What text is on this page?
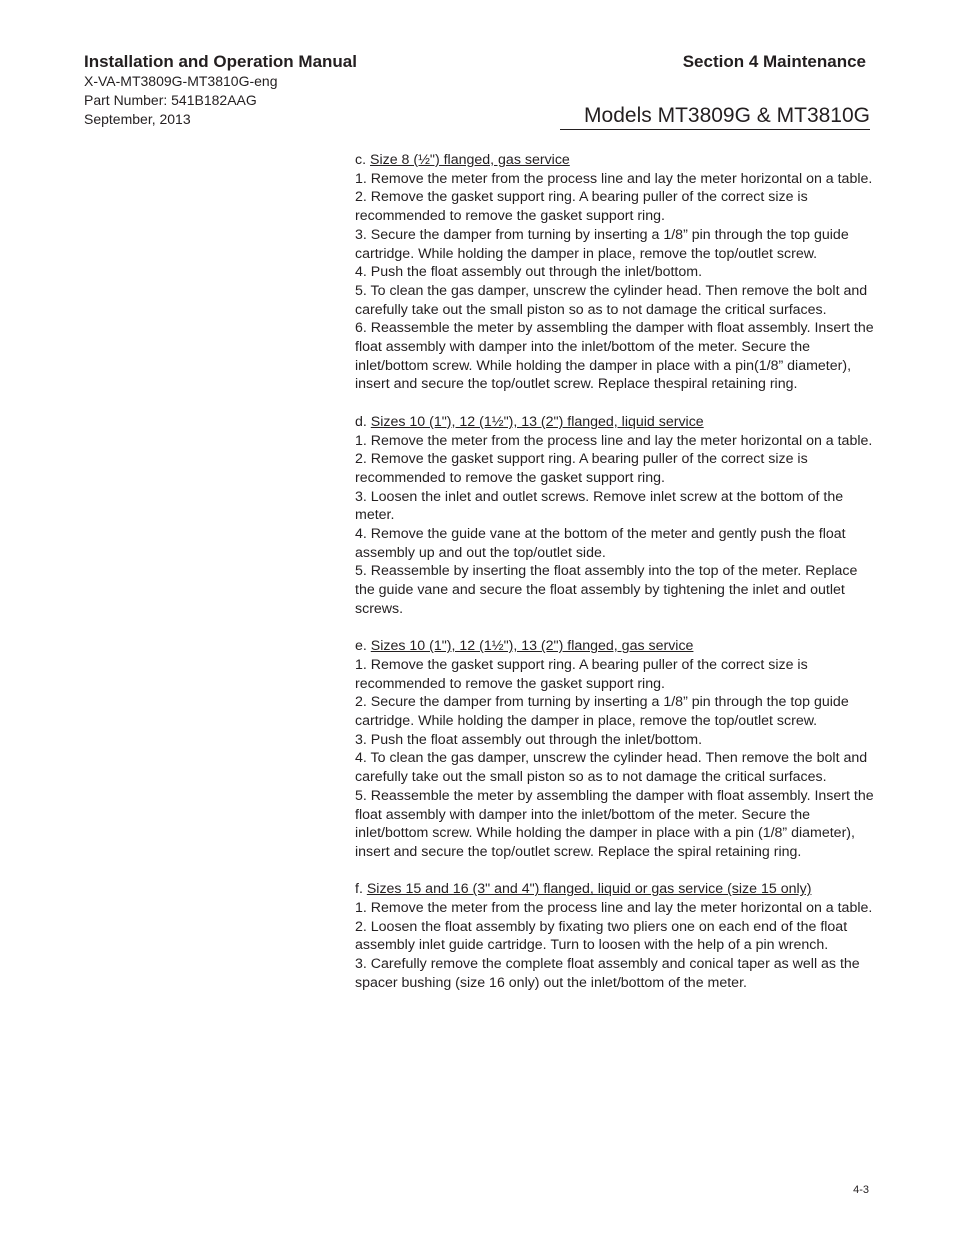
Installation and Operation Manual
X-VA-MT3809G-MT3810G-eng
Part Number: 541B182AAG
September, 2013
Section 4 Maintenance
Models MT3809G & MT3810G
c. Size 8 (½") flanged, gas service
1. Remove the meter from the process line and lay the meter horizontal on a table.
2. Remove the gasket support ring. A bearing puller of the correct size is recommended to remove the gasket support ring.
3. Secure the damper from turning by inserting a 1/8” pin through the top guide cartridge. While holding the damper in place, remove the top/outlet screw.
4. Push the float assembly out through the inlet/bottom.
5. To clean the gas damper, unscrew the cylinder head. Then remove the bolt and carefully take out the small piston so as to not damage the critical surfaces.
6. Reassemble the meter by assembling the damper with float assembly. Insert the float assembly with damper into the inlet/bottom of the meter. Secure the inlet/bottom screw. While holding the damper in place with a pin(1/8” diameter), insert and secure the top/outlet screw. Replace thespiral retaining ring.
d. Sizes 10 (1"), 12 (1½"), 13 (2") flanged, liquid service
1. Remove the meter from the process line and lay the meter horizontal on a table.
2. Remove the gasket support ring. A bearing puller of the correct size is recommended to remove the gasket support ring.
3. Loosen the inlet and outlet screws. Remove inlet screw at the bottom of the meter.
4. Remove the guide vane at the bottom of the meter and gently push the float assembly up and out the top/outlet side.
5. Reassemble by inserting the float assembly into the top of the meter. Replace the guide vane and secure the float assembly by tightening the inlet and outlet screws.
e. Sizes 10 (1"), 12 (1½"), 13 (2") flanged, gas service
1. Remove the gasket support ring. A bearing puller of the correct size is recommended to remove the gasket support ring.
2. Secure the damper from turning by inserting a 1/8” pin through the top guide cartridge. While holding the damper in place, remove the top/outlet screw.
3. Push the float assembly out through the inlet/bottom.
4. To clean the gas damper, unscrew the cylinder head. Then remove the bolt and carefully take out the small piston so as to not damage the critical surfaces.
5. Reassemble the meter by assembling the damper with float assembly. Insert the float assembly with damper into the inlet/bottom of the meter. Secure the inlet/bottom screw. While holding the damper in place with a pin (1/8” diameter), insert and secure the top/outlet screw. Replace the spiral retaining ring.
f. Sizes 15 and 16 (3" and 4") flanged, liquid or gas service (size 15 only)
1. Remove the meter from the process line and lay the meter horizontal on a table.
2. Loosen the float assembly by fixating two pliers one on each end of the float assembly inlet guide cartridge. Turn to loosen with the help of a pin wrench.
3. Carefully remove the complete float assembly and conical taper as well as the spacer bushing (size 16 only) out the inlet/bottom of the meter.
4-3
